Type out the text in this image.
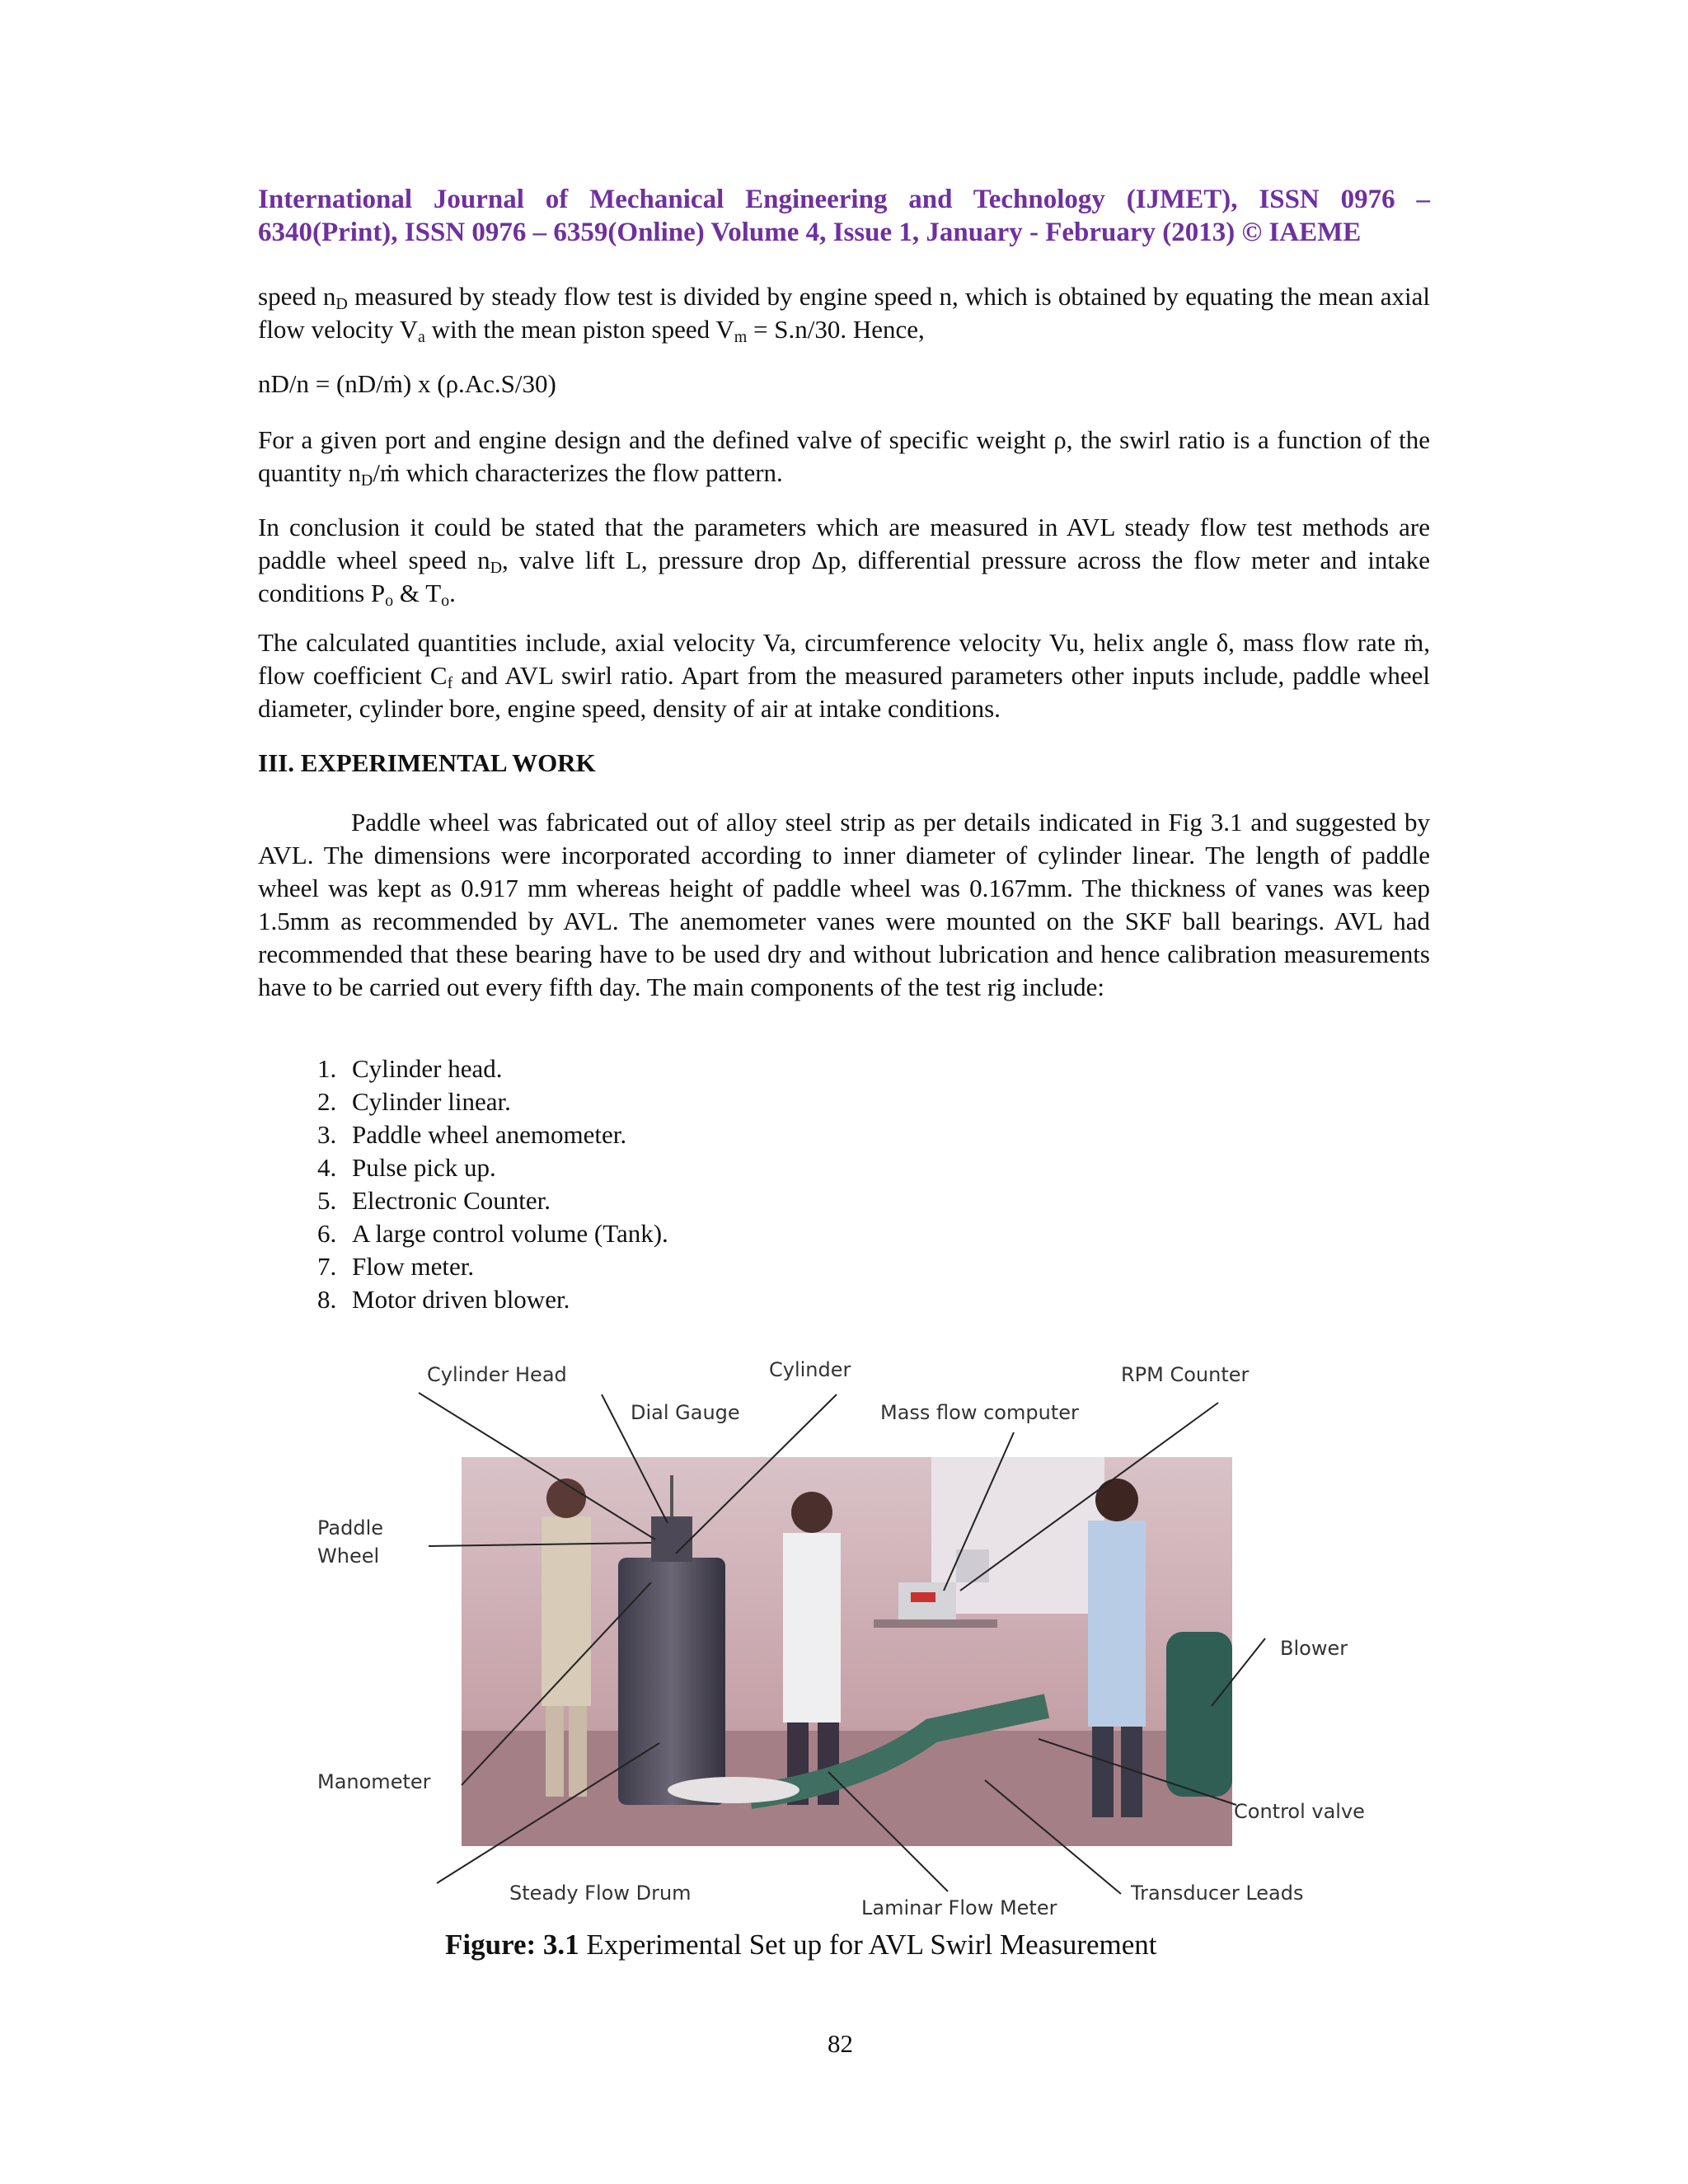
International Journal of Mechanical Engineering and Technology (IJMET), ISSN 0976 –
6340(Print), ISSN 0976 – 6359(Online) Volume 4, Issue 1, January - February (2013) © IAEME
speed $n_D$ measured by steady flow test is divided by engine speed n, which is obtained by equating the mean axial flow velocity $V_a$ with the mean piston speed $V_m = S.n/30$. Hence,
nD/n = (nD/ṁ) x (ρ.Ac.S/30)
For a given port and engine design and the defined valve of specific weight ρ, the swirl ratio is a function of the quantity $n_D/ṁ$ which characterizes the flow pattern.
In conclusion it could be stated that the parameters which are measured in AVL steady flow test methods are paddle wheel speed $n_D$, valve lift L, pressure drop Δp, differential pressure across the flow meter and intake conditions $P_o$ & $T_o$.
The calculated quantities include, axial velocity Va, circumference velocity Vu, helix angle δ, mass flow rate ṁ, flow coefficient $C_f$ and AVL swirl ratio. Apart from the measured parameters other inputs include, paddle wheel diameter, cylinder bore, engine speed, density of air at intake conditions.
III. EXPERIMENTAL WORK
Paddle wheel was fabricated out of alloy steel strip as per details indicated in Fig 3.1 and suggested by AVL. The dimensions were incorporated according to inner diameter of cylinder linear. The length of paddle wheel was kept as 0.917 mm whereas height of paddle wheel was 0.167mm. The thickness of vanes was keep 1.5mm as recommended by AVL. The anemometer vanes were mounted on the SKF ball bearings. AVL had recommended that these bearing have to be used dry and without lubrication and hence calibration measurements have to be carried out every fifth day. The main components of the test rig include:
1. Cylinder head.
2. Cylinder linear.
3. Paddle wheel anemometer.
4. Pulse pick up.
5. Electronic Counter.
6. A large control volume (Tank).
7. Flow meter.
8. Motor driven blower.
Cylinder Head	Cylinder	RPM Counter
Dial Gauge	Mass flow computer
Paddle
Wheel
Blower
Manometer
Control valve
Steady Flow Drum
Laminar Flow Meter
Transducer Leads
Figure: 3.1 Experimental Set up for AVL Swirl Measurement
82
